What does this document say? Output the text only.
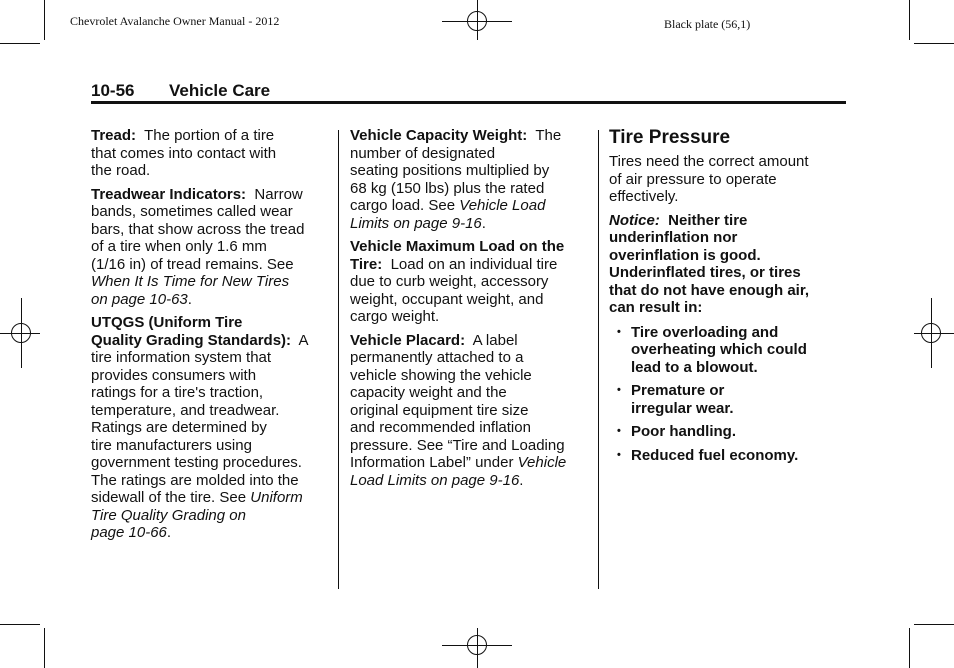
Chevrolet Avalanche Owner Manual - 2012	Black plate (56,1)
10-56 Vehicle Care
Tread:  The portion of a tire
that comes into contact with
the road.
Treadwear Indicators:  Narrow
bands, sometimes called wear
bars, that show across the tread
of a tire when only 1.6 mm
(1/16 in) of tread remains. See
When It Is Time for New Tires
on page 10-63.
UTQGS (Uniform Tire
Quality Grading Standards):  A
tire information system that
provides consumers with
ratings for a tire's traction,
temperature, and treadwear.
Ratings are determined by
tire manufacturers using
government testing procedures.
The ratings are molded into the
sidewall of the tire. See Uniform
Tire Quality Grading on
page 10-66.
Vehicle Capacity Weight:  The
number of designated
seating positions multiplied by
68 kg (150 lbs) plus the rated
cargo load. See Vehicle Load
Limits on page 9-16.
Vehicle Maximum Load on the
Tire:  Load on an individual tire
due to curb weight, accessory
weight, occupant weight, and
cargo weight.
Vehicle Placard:  A label
permanently attached to a
vehicle showing the vehicle
capacity weight and the
original equipment tire size
and recommended inflation
pressure. See “Tire and Loading
Information Label” under Vehicle
Load Limits on page 9-16.
Tire Pressure
Tires need the correct amount
of air pressure to operate
effectively.
Notice:  Neither tire
underinflation nor
overinflation is good.
Underinflated tires, or tires
that do not have enough air,
can result in:
• Tire overloading and
overheating which could
lead to a blowout.
• Premature or
irregular wear.
• Poor handling.
• Reduced fuel economy.
